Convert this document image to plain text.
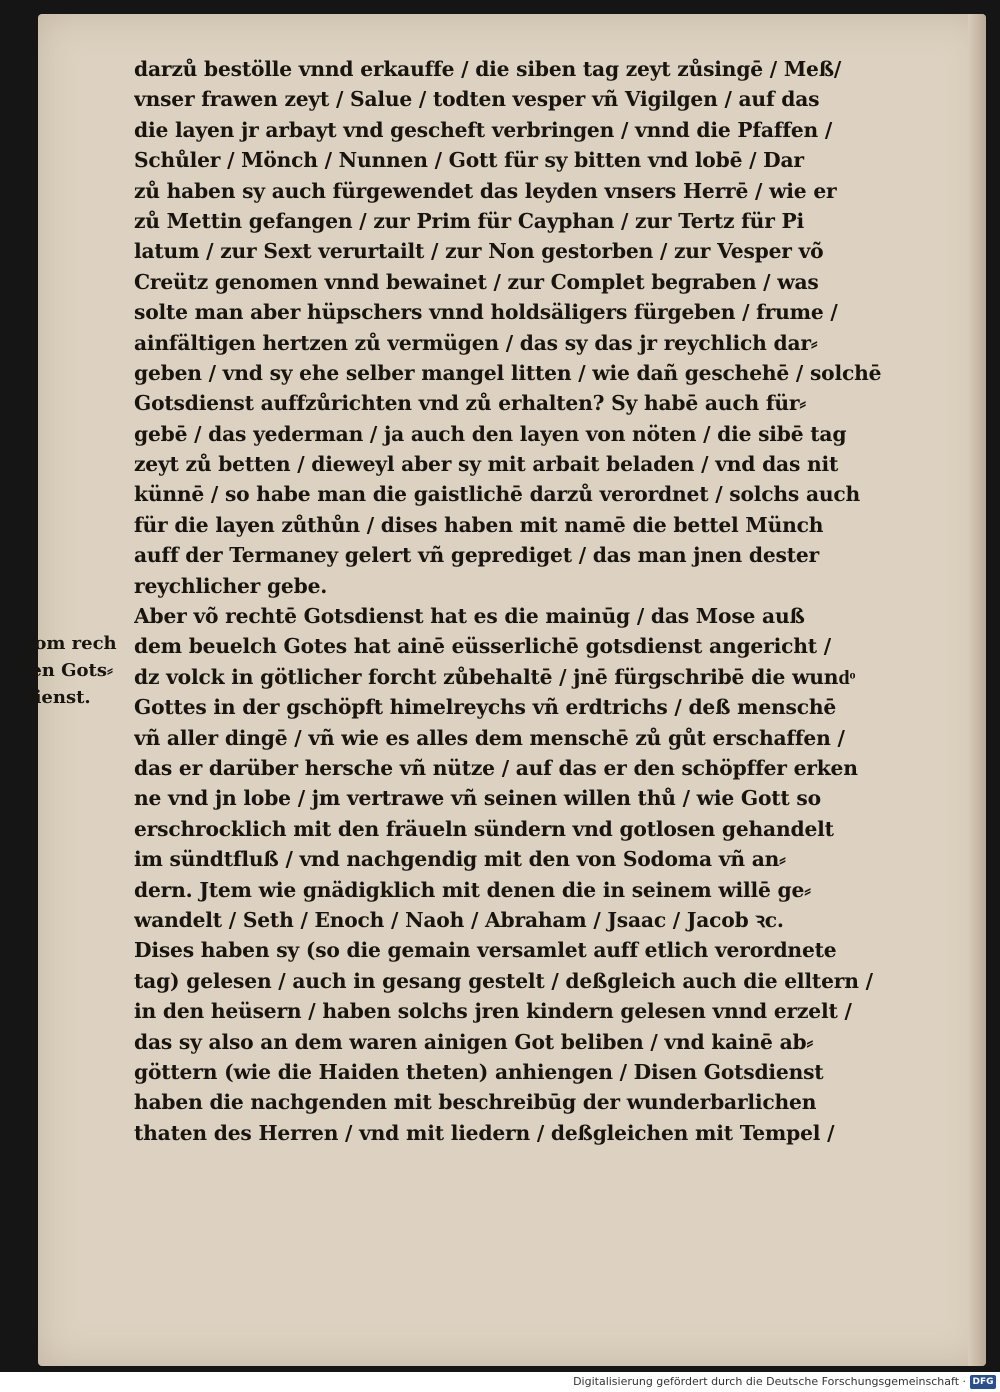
darzů bestölle vnnd erkauffe / die siben tag zeyt zůsingē / Meß/
vnser frawen zeyt / Salue / todten vesper vñ Vigilgen / auf das
die layen jr arbayt vnd gescheft verbringen / vnnd die Pfaffen /
Schůler / Mönch / Nunnen / Gott für sy bitten vnd lobē / Dar
zů haben sy auch fürgewendet das leyden vnsers Herrē / wie er
zů Mettin gefangen / zur Prim für Cayphan / zur Tertz für Pi
latum / zur Sext verurtailt / zur Non gestorben / zur Vesper võ
Creütz genomen vnnd bewainet / zur Complet begraben / was
solte man aber hüpschers vnnd holdsäligers fürgeben / frume /
ainfältigen hertzen zů vermügen / das sy das jr reychlich dar⸗
geben / vnd sy ehe selber mangel litten / wie dañ geschehē / solchē
Gotsdienst auffzůrichten vnd zů erhalten? Sy habē auch für⸗
gebē / das yederman / ja auch den layen von nöten / die sibē tag
zeyt zů betten / dieweyl aber sy mit arbait beladen / vnd das nit
künnē / so habe man die gaistlichē darzů verordnet / solchs auch
für die layen zůthůn / dises haben mit namē die bettel Münch
auff der Termaney gelert vñ geprediget / das man jnen dester
reychlicher gebe.
Aber võ rechtē Gotsdienst hat es die mainūg / das Mose auß
dem beuelch Gotes hat ainē eüsserlichē gotsdienst angericht /
dz volck in götlicher forcht zůbehaltē / jnē fürgschribē die wundͦ
Gottes in der gschöpft himelreychs vñ erdtrichs / deß menschē
vñ aller dingē / vñ wie es alles dem menschē zů gůt erschaffen /
das er darüber hersche vñ nütze / auf das er den schöpffer erken
ne vnd jn lobe / jm vertrawe vñ seinen willen thů / wie Gott so
erschrocklich mit den fräueln sündern vnd gotlosen gehandelt
im sündtfluß / vnd nachgendig mit den von Sodoma vñ an⸗
dern. Jtem wie gnädigklich mit denen die in seinem willē ge⸗
wandelt / Seth / Enoch / Naoh / Abraham / Jsaac / Jacob ꝛc.
Dises haben sy (so die gemain versamlet auff etlich verordnete
tag) gelesen / auch in gesang gestelt / deßgleich auch die elltern /
in den heüsern / haben solchs jren kindern gelesen vnnd erzelt /
das sy also an dem waren ainigen Got beliben / vnd kainē ab⸗
göttern (wie die Haiden theten) anhiengen / Disen Gotsdienst
haben die nachgenden mit beschreibūg der wunderbarlichen
thaten des Herren / vnd mit liedern / deßgleichen mit Tempel /
Vom rech
ten Gots⸗
dienst.
Digitalisierung gefördert durch die Deutsche Forschungsgemeinschaft · DFG
